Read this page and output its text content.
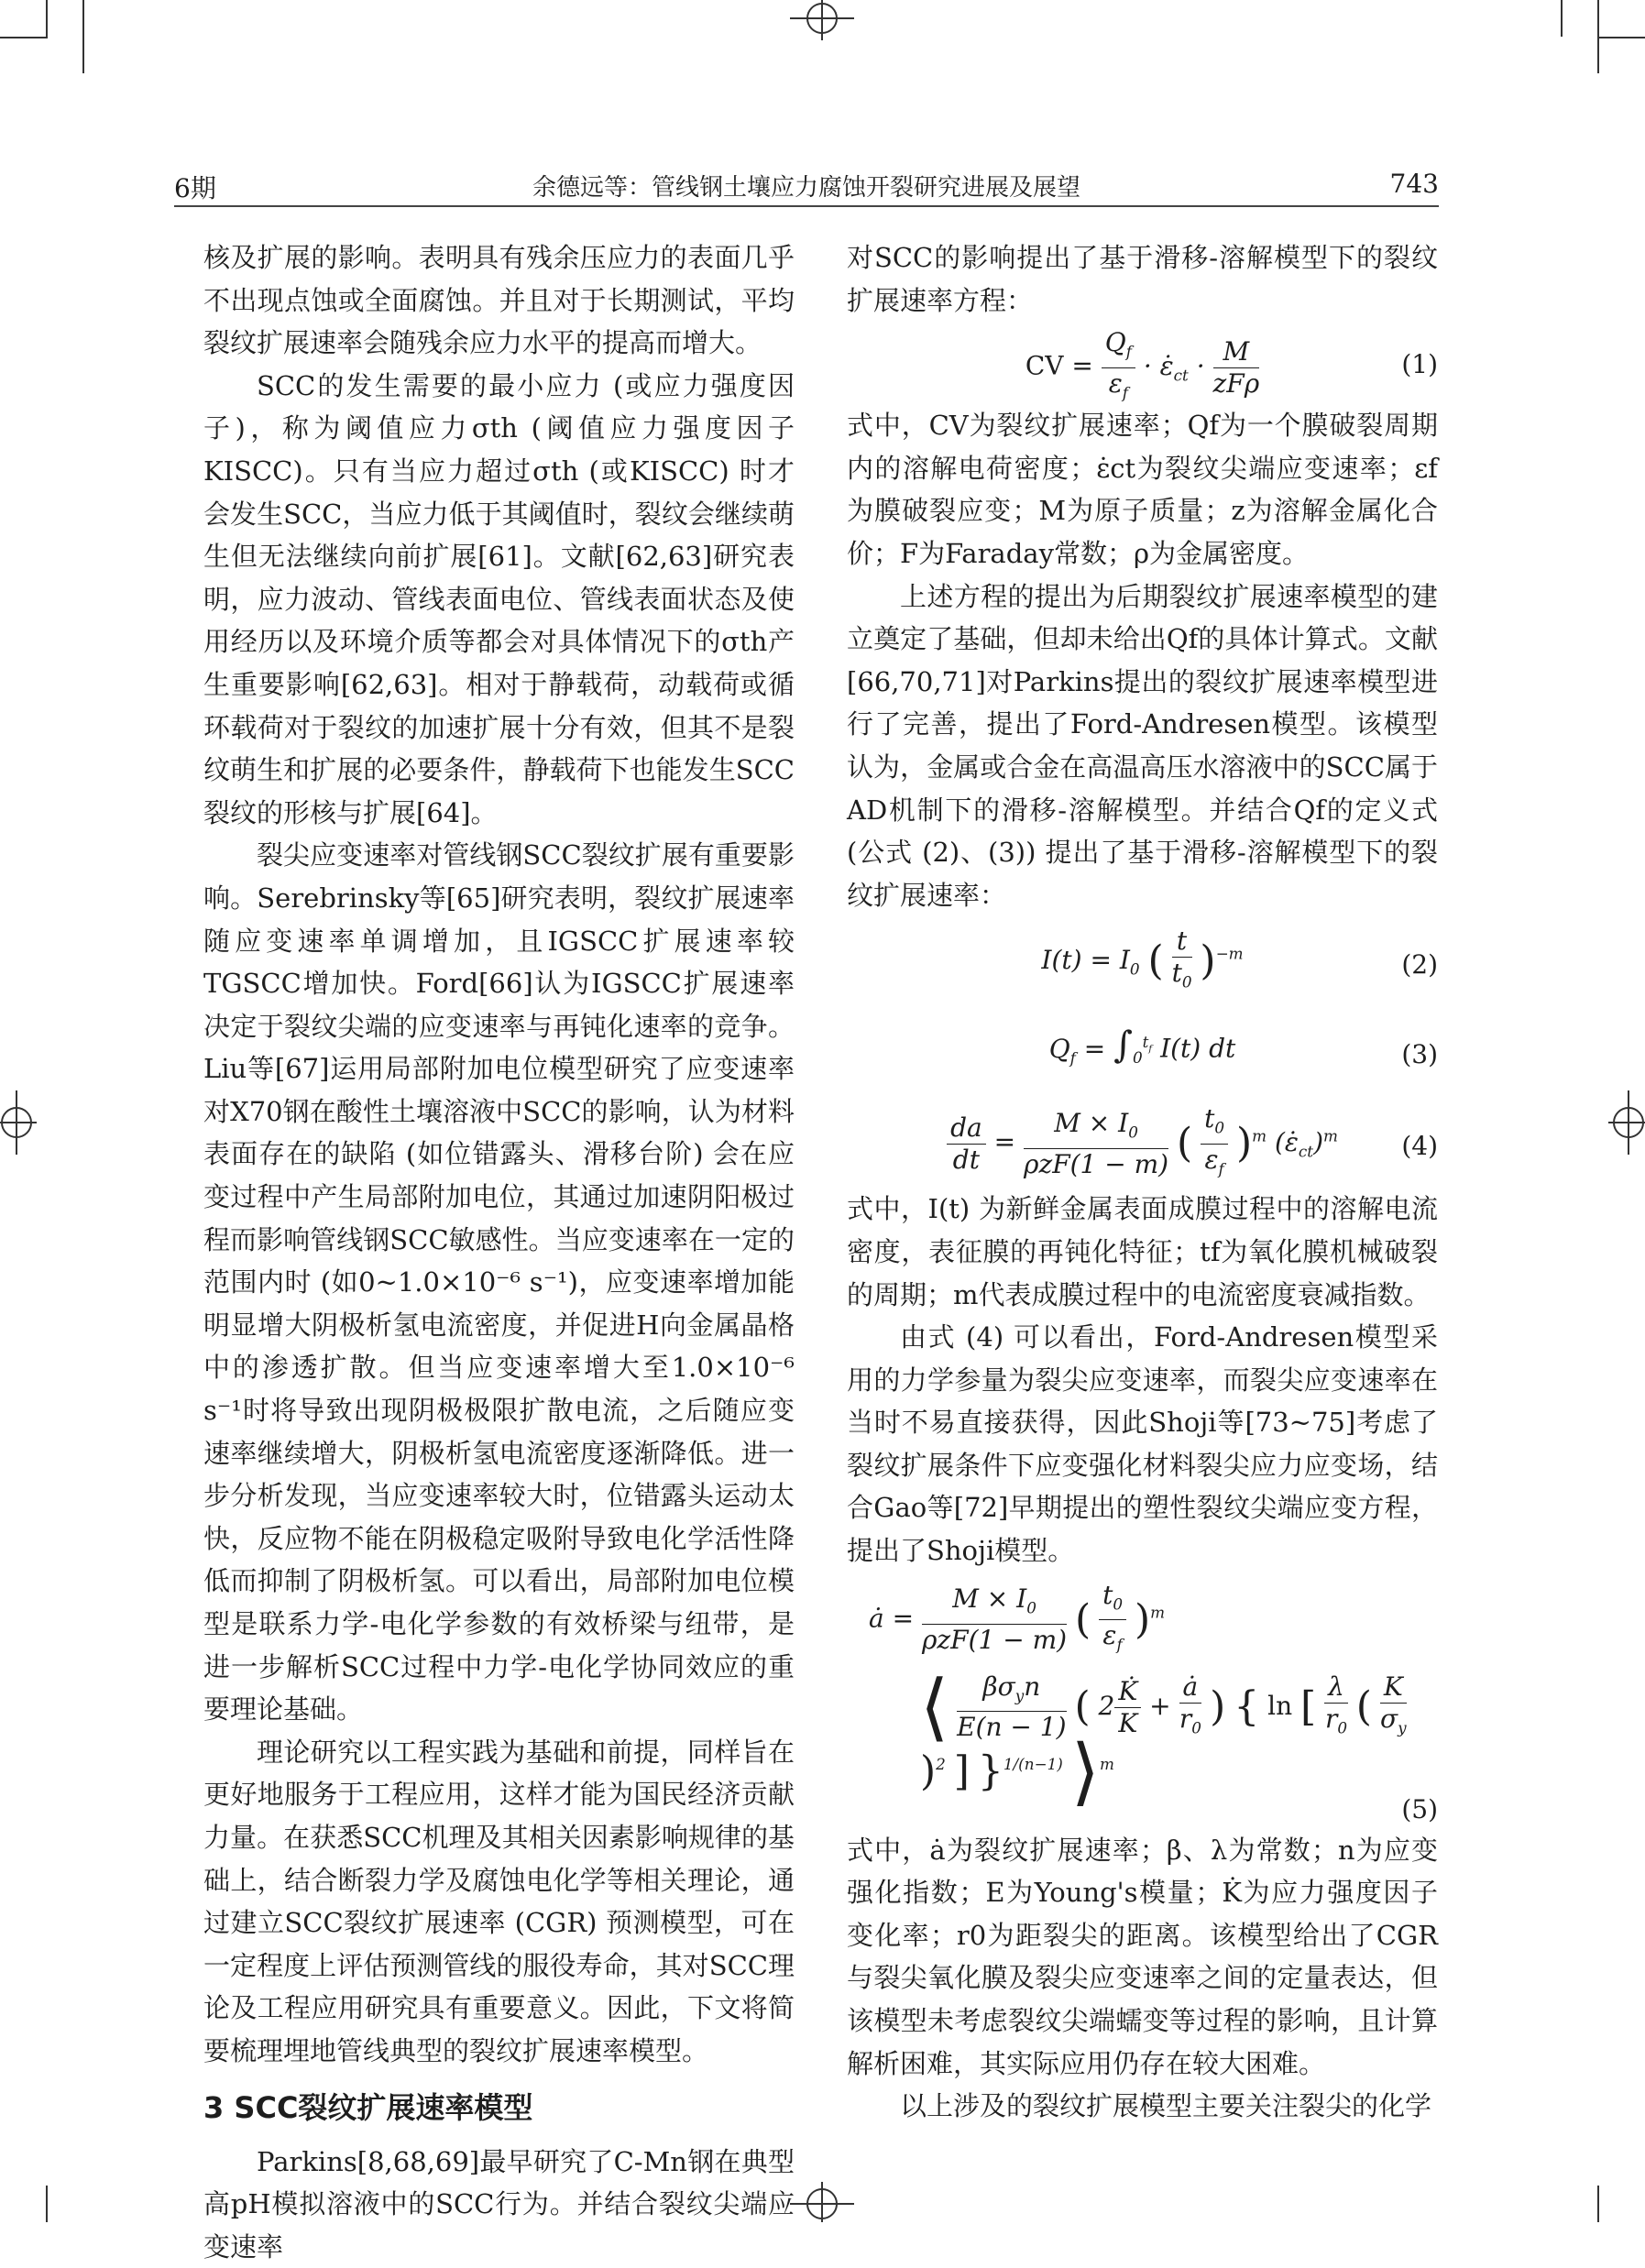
6期	余德远等：管线钢土壤应力腐蚀开裂研究进展及展望	743

核及扩展的影响。表明具有残余压应力的表面几乎不出现点蚀或全面腐蚀。并且对于长期测试，平均裂纹扩展速率会随残余应力水平的提高而增大。

SCC的发生需要的最小应力 (或应力强度因子)，称为阈值应力σth (阈值应力强度因子KISCC)。只有当应力超过σth (或KISCC) 时才会发生SCC，当应力低于其阈值时，裂纹会继续萌生但无法继续向前扩展[61]。文献[62,63]研究表明，应力波动、管线表面电位、管线表面状态及使用经历以及环境介质等都会对具体情况下的σth产生重要影响[62,63]。相对于静载荷，动载荷或循环载荷对于裂纹的加速扩展十分有效，但其不是裂纹萌生和扩展的必要条件，静载荷下也能发生SCC裂纹的形核与扩展[64]。

裂尖应变速率对管线钢SCC裂纹扩展有重要影响。Serebrinsky等[65]研究表明，裂纹扩展速率随应变速率单调增加，且IGSCC扩展速率较TGSCC增加快。Ford[66]认为IGSCC扩展速率决定于裂纹尖端的应变速率与再钝化速率的竞争。Liu等[67]运用局部附加电位模型研究了应变速率对X70钢在酸性土壤溶液中SCC的影响，认为材料表面存在的缺陷 (如位错露头、滑移台阶) 会在应变过程中产生局部附加电位，其通过加速阴阳极过程而影响管线钢SCC敏感性。当应变速率在一定的范围内时 (如0~1.0×10⁻⁶ s⁻¹)，应变速率增加能明显增大阴极析氢电流密度，并促进H向金属晶格中的渗透扩散。但当应变速率增大至1.0×10⁻⁶ s⁻¹时将导致出现阴极极限扩散电流，之后随应变速率继续增大，阴极析氢电流密度逐渐降低。进一步分析发现，当应变速率较大时，位错露头运动太快，反应物不能在阴极稳定吸附导致电化学活性降低而抑制了阴极析氢。可以看出，局部附加电位模型是联系力学-电化学参数的有效桥梁与纽带，是进一步解析SCC过程中力学-电化学协同效应的重要理论基础。

理论研究以工程实践为基础和前提，同样旨在更好地服务于工程应用，这样才能为国民经济贡献力量。在获悉SCC机理及其相关因素影响规律的基础上，结合断裂力学及腐蚀电化学等相关理论，通过建立SCC裂纹扩展速率 (CGR) 预测模型，可在一定程度上评估预测管线的服役寿命，其对SCC理论及工程应用研究具有重要意义。因此，下文将简要梳理埋地管线典型的裂纹扩展速率模型。

3 SCC裂纹扩展速率模型

Parkins[8,68,69]最早研究了C-Mn钢在典型高pH模拟溶液中的SCC行为。并结合裂纹尖端应变速率

对SCC的影响提出了基于滑移-溶解模型下的裂纹扩展速率方程：

CV = $\frac{Q_f}{\varepsilon_f}$ · $\varepsiloṅ_{ct} \cdot \frac{M}{\text{zFρ}}$	(1)

式中，CV为裂纹扩展速率；Qf为一个膜破裂周期内的溶解电荷密度；ε̇ct为裂纹尖端应变速率；εf为膜破裂应变；M为原子质量；z为溶解金属化合价；F为Faraday常数；ρ为金属密度。

上述方程的提出为后期裂纹扩展速率模型的建立奠定了基础，但却未给出Qf的具体计算式。文献[66,70,71]对Parkins提出的裂纹扩展速率模型进行了完善，提出了Ford-Andresen模型。该模型认为，金属或合金在高温高压水溶液中的SCC属于AD机制下的滑移-溶解模型。并结合Qf的定义式 (公式 (2)、(3)) 提出了基于滑移-溶解模型下的裂纹扩展速率：

$I(t) = I_0$ ( $\frac{t}{t_0} )^{-m}$	(2)
$Q_f = \int_0^{t_f}$ I(t) dt	(3)
$\frac{da}{dt} = \frac{M \times I_0}{\text{ρzF(1 − m)}}$ ( $\frac{t_0}{\varepsilon_f} )^m$ $(\varepsiloṅ_{ct})^m$ (4)

式中，I(t) 为新鲜金属表面成膜过程中的溶解电流密度，表征膜的再钝化特征；tf为氧化膜机械破裂的周期；m代表成膜过程中的电流密度衰减指数。

由式 (4) 可以看出，Ford-Andresen模型采用的力学参量为裂尖应变速率，而裂尖应变速率在当时不易直接获得，因此Shoji等[73~75]考虑了裂纹扩展条件下应变强化材料裂尖应力应变场，结合Gao等[72]早期提出的塑性裂纹尖端应变方程，提出了Shoji模型。

ȧ = $\frac{M \times I_0}{\text{ρzF(1 − m)}}$ ( $\frac{t_0}{\varepsilon_f} )^m$
⟨ $\frac{\beta\sigma_yn}{E(n - 1)}$ ( $2 \frac{K̇}{K} + \frac{ȧ}{r_0}$ ) { ln [ $\frac{\lambda}{r_0}$ ( $\frac{K}{\sigma_y}$
)$^2$ ] }$^{1/(n-1)}$ ⟩$^m$
(5)

式中，ȧ为裂纹扩展速率；β、λ为常数；n为应变强化指数；E为Young's模量；K̇为应力强度因子变化率；r0为距裂尖的距离。该模型给出了CGR与裂尖氧化膜及裂尖应变速率之间的定量表达，但该模型未考虑裂纹尖端蠕变等过程的影响，且计算解析困难，其实际应用仍存在较大困难。

以上涉及的裂纹扩展模型主要关注裂尖的化学
